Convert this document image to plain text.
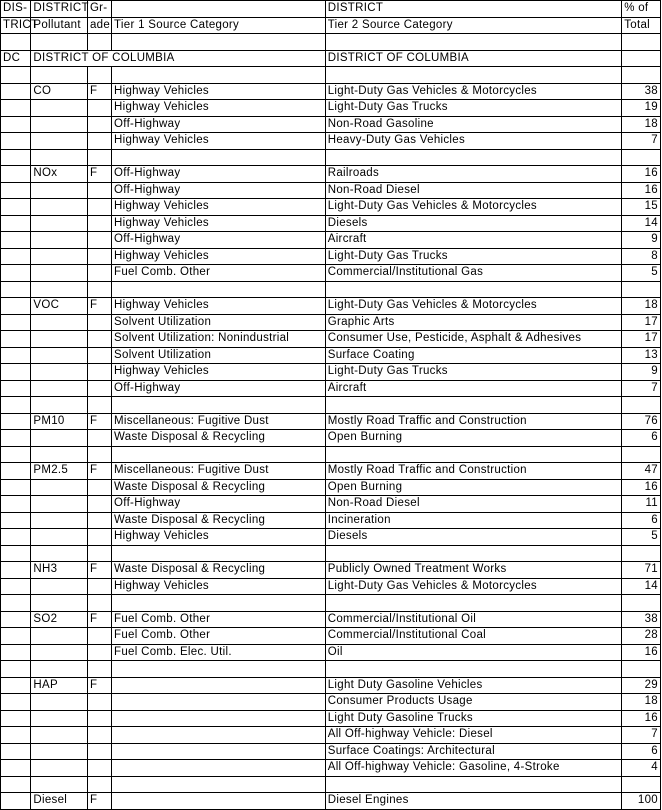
DIS-	DISTRICT	Gr-		DISTRICT	% of
TRICT	Pollutant	ade	Tier 1 Source Category	Tier 2 Source Category	Total

DC	DISTRICT OF COLUMBIA			DISTRICT OF COLUMBIA	

	CO	F	Highway Vehicles	Light-Duty Gas Vehicles & Motorcycles	38
			Highway Vehicles	Light-Duty Gas Trucks	19
			Off-Highway	Non-Road Gasoline	18
			Highway Vehicles	Heavy-Duty Gas Vehicles	7

	NOx	F	Off-Highway	Railroads	16
			Off-Highway	Non-Road Diesel	16
			Highway Vehicles	Light-Duty Gas Vehicles & Motorcycles	15
			Highway Vehicles	Diesels	14
			Off-Highway	Aircraft	9
			Highway Vehicles	Light-Duty Gas Trucks	8
			Fuel Comb. Other	Commercial/Institutional Gas	5

	VOC	F	Highway Vehicles	Light-Duty Gas Vehicles & Motorcycles	18
			Solvent Utilization	Graphic Arts	17
			Solvent Utilization: Nonindustrial	Consumer Use, Pesticide, Asphalt & Adhesives	17
			Solvent Utilization	Surface Coating	13
			Highway Vehicles	Light-Duty Gas Trucks	9
			Off-Highway	Aircraft	7

	PM10	F	Miscellaneous: Fugitive Dust	Mostly Road Traffic and Construction	76
			Waste Disposal & Recycling	Open Burning	6

	PM2.5	F	Miscellaneous: Fugitive Dust	Mostly Road Traffic and Construction	47
			Waste Disposal & Recycling	Open Burning	16
			Off-Highway	Non-Road Diesel	11
			Waste Disposal & Recycling	Incineration	6
			Highway Vehicles	Diesels	5

	NH3	F	Waste Disposal & Recycling	Publicly Owned Treatment Works	71
			Highway Vehicles	Light-Duty Gas Vehicles & Motorcycles	14

	SO2	F	Fuel Comb. Other	Commercial/Institutional Oil	38
			Fuel Comb. Other	Commercial/Institutional Coal	28
			Fuel Comb. Elec. Util.	Oil	16

	HAP	F		Light Duty Gasoline Vehicles	29
				Consumer Products Usage	18
				Light Duty Gasoline Trucks	16
				All Off-highway Vehicle: Diesel	7
				Surface Coatings: Architectural	6
				All Off-highway Vehicle: Gasoline, 4-Stroke	4

	Diesel	F		Diesel Engines	100
